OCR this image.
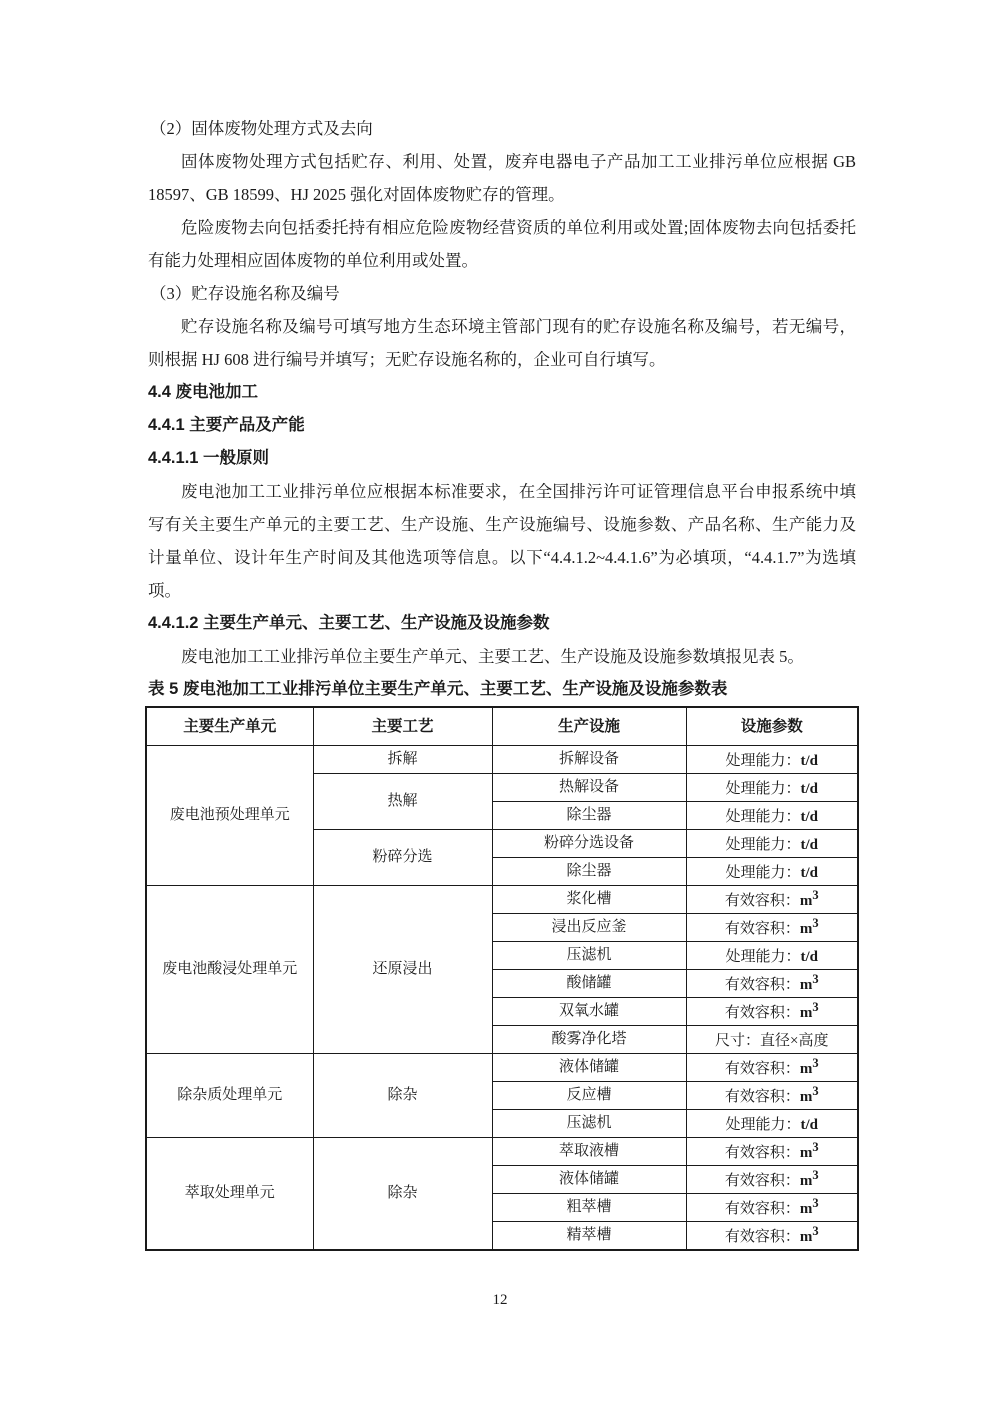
（2）固体废物处理方式及去向

固体废物处理方式包括贮存、利用、处置，废弃电器电子产品加工工业排污单位应根据 GB 18597、GB 18599、HJ 2025 强化对固体废物贮存的管理。

危险废物去向包括委托持有相应危险废物经营资质的单位利用或处置;固体废物去向包括委托有能力处理相应固体废物的单位利用或处置。

（3）贮存设施名称及编号

贮存设施名称及编号可填写地方生态环境主管部门现有的贮存设施名称及编号，若无编号，则根据 HJ 608 进行编号并填写；无贮存设施名称的，企业可自行填写。

4.4 废电池加工

4.4.1 主要产品及产能

4.4.1.1 一般原则

废电池加工工业排污单位应根据本标准要求，在全国排污许可证管理信息平台申报系统中填写有关主要生产单元的主要工艺、生产设施、生产设施编号、设施参数、产品名称、生产能力及计量单位、设计年生产时间及其他选项等信息。以下“4.4.1.2~4.4.1.6”为必填项，“4.4.1.7”为选填项。

4.4.1.2 主要生产单元、主要工艺、生产设施及设施参数

废电池加工工业排污单位主要生产单元、主要工艺、生产设施及设施参数填报见表 5。

表 5 废电池加工工业排污单位主要生产单元、主要工艺、生产设施及设施参数表

主要生产单元	主要工艺	生产设施	设施参数
废电池预处理单元	拆解	拆解设备	处理能力：t/d
	热解	热解设备	处理能力：t/d
		除尘器	处理能力：t/d
	粉碎分选	粉碎分选设备	处理能力：t/d
		除尘器	处理能力：t/d
废电池酸浸处理单元	还原浸出	浆化槽	有效容积：$m^3$
		浸出反应釜	有效容积：$m^3$
		压滤机	处理能力：t/d
		酸储罐	有效容积：$m^3$
		双氧水罐	有效容积：$m^3$
		酸雾净化塔	尺寸：直径×高度
除杂质处理单元	除杂	液体储罐	有效容积：$m^3$
		反应槽	有效容积：$m^3$
		压滤机	处理能力：t/d
萃取处理单元	除杂	萃取液槽	有效容积：$m^3$
		液体储罐	有效容积：$m^3$
		粗萃槽	有效容积：$m^3$
		精萃槽	有效容积：$m^3$
12
